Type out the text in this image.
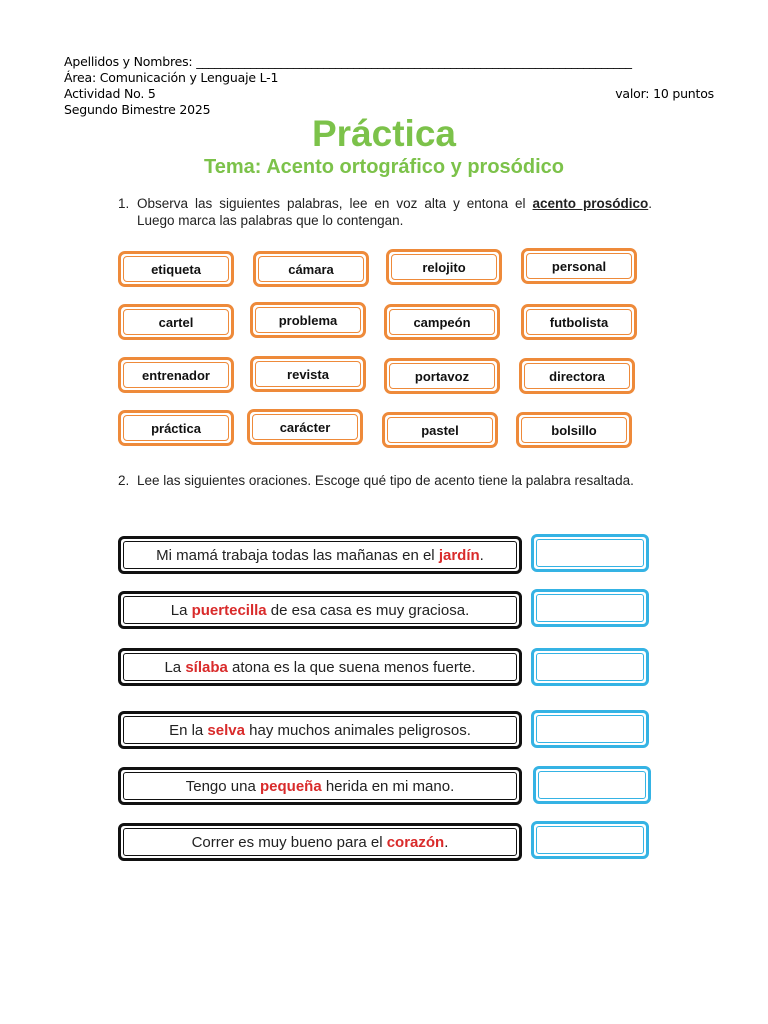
Apellidos y Nombres: ________________________________________________________________________
Área: Comunicación y Lenguaje L-1
Actividad No. 5	valor: 10 puntos
Segundo Bimestre 2025
Práctica
Tema: Acento ortográfico y prosódico
1. Observa las siguientes palabras, lee en voz alta y entona el acento prosódico. Luego marca las palabras que lo contengan.
etiqueta	cámara	relojito	personal
cartel	problema	campeón	futbolista
entrenador	revista	portavoz	directora
práctica	carácter	pastel	bolsillo
2. Lee las siguientes oraciones. Escoge qué tipo de acento tiene la palabra resaltada.
Mi mamá trabaja todas las mañanas en el jardín .
La puertecilla de esa casa es muy graciosa.
La sílaba atona es la que suena menos fuerte.
En la selva hay muchos animales peligrosos.
Tengo una pequeña herida en mi mano.
Correr es muy bueno para el corazón .
